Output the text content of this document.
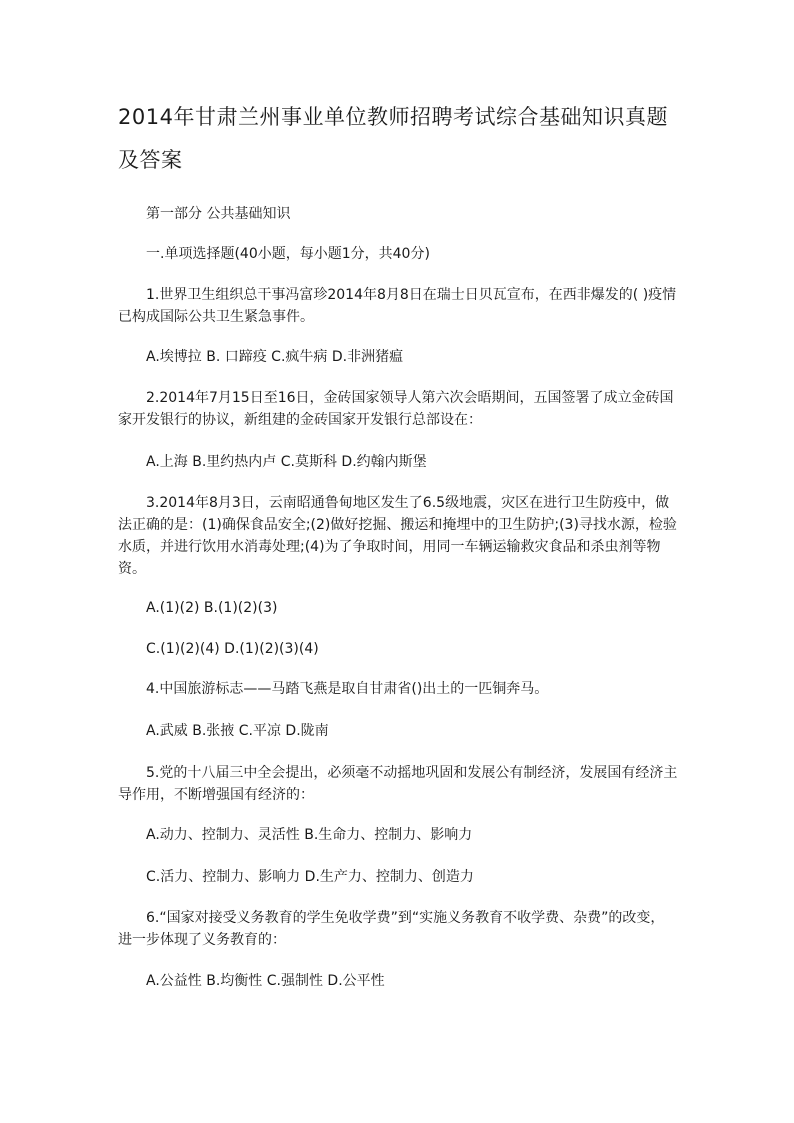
2014年甘肃兰州事业单位教师招聘考试综合基础知识真题
及答案
第一部分 公共基础知识
一.单项选择题(40小题，每小题1分，共40分)
1.世界卫生组织总干事冯富珍2014年8月8日在瑞士日贝瓦宣布，在西非爆发的( )疫情已构成国际公共卫生紧急事件。
A.埃博拉 B. 口蹄疫 C.疯牛病 D.非洲猪瘟
2.2014年7月15日至16日，金砖国家领导人第六次会晤期间，五国签署了成立金砖国家开发银行的协议，新组建的金砖国家开发银行总部设在：
A.上海 B.里约热内卢 C.莫斯科 D.约翰内斯堡
3.2014年8月3日，云南昭通鲁甸地区发生了6.5级地震，灾区在进行卫生防疫中，做法正确的是：(1)确保食品安全;(2)做好挖掘、搬运和掩埋中的卫生防护;(3)寻找水源，检验水质，并进行饮用水消毒处理;(4)为了争取时间，用同一车辆运输救灾食品和杀虫剂等物资。
A.(1)(2) B.(1)(2)(3)
C.(1)(2)(4) D.(1)(2)(3)(4)
4.中国旅游标志——马踏飞燕是取自甘肃省()出土的一匹铜奔马。
A.武威 B.张掖 C.平凉 D.陇南
5.党的十八届三中全会提出，必须毫不动摇地巩固和发展公有制经济，发展国有经济主导作用，不断增强国有经济的：
A.动力、控制力、灵活性 B.生命力、控制力、影响力
C.活力、控制力、影响力 D.生产力、控制力、创造力
6.“国家对接受义务教育的学生免收学费”到“实施义务教育不收学费、杂费”的改变，进一步体现了义务教育的：
A.公益性 B.均衡性 C.强制性 D.公平性
